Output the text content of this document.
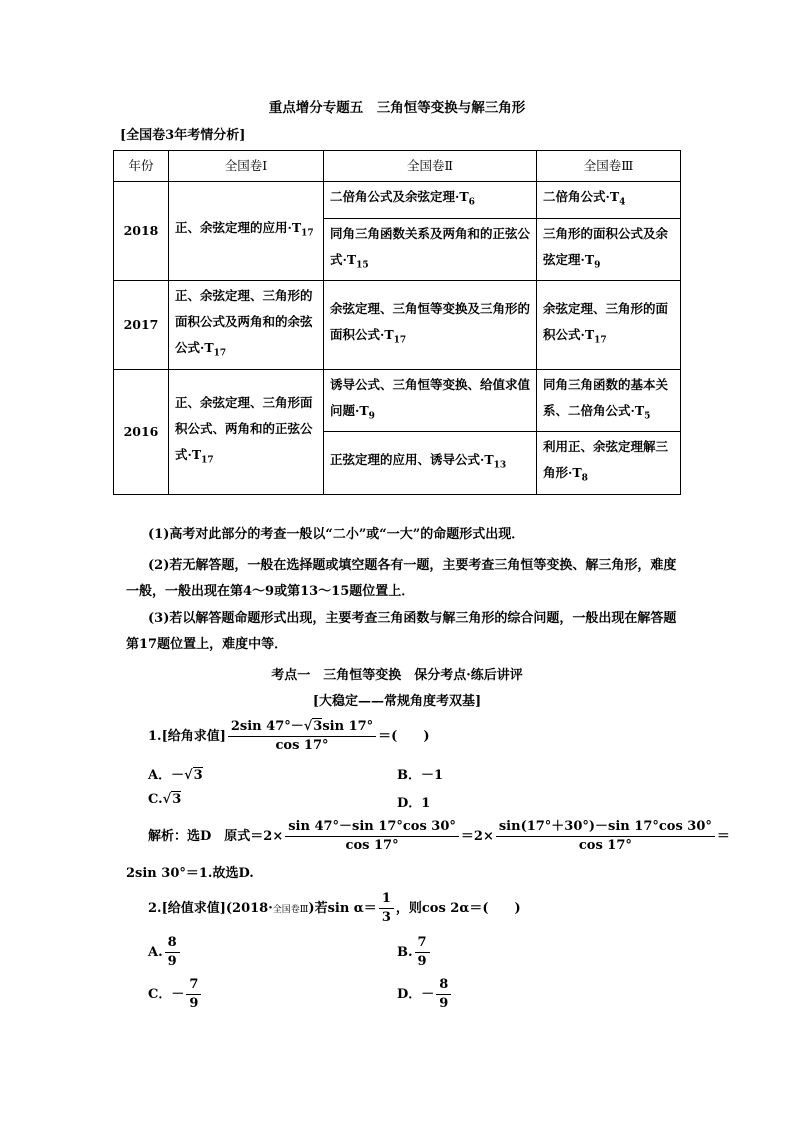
重点增分专题五　三角恒等变换与解三角形
[全国卷3年考情分析]
年份	全国卷Ⅰ	全国卷Ⅱ	全国卷Ⅲ
2018	正、余弦定理的应用$\cdot T_{17}$	二倍角公式及余弦定理$\cdot T_6$	二倍角公式$\cdot T_4$
		同角三角函数关系及两角和的正弦公式$\cdot T_{15}$	三角形的面积公式及余弦定理$\cdot T_9$
2017	正、余弦定理、三角形的面积公式及两角和的余弦公式$\cdot T_{17}$	余弦定理、三角恒等变换及三角形的面积公式$\cdot T_{17}$	余弦定理、三角形的面积公式$\cdot T_{17}$
2016	正、余弦定理、三角形面积公式、两角和的正弦公式$\cdot T_{17}$	诱导公式、三角恒等变换、给值求值问题$\cdot T_9$	同角三角函数的基本关系、二倍角公式$\cdot T_5$
		正弦定理的应用、诱导公式$\cdot T_{13}$	利用正、余弦定理解三角形$\cdot T_8$
(1)高考对此部分的考查一般以“二小”或“一大”的命题形式出现．
(2)若无解答题，一般在选择题或填空题各有一题，主要考查三角恒等变换、解三角形，难度一般，一般出现在第4～9或第13～15题位置上．
(3)若以解答题命题形式出现，主要考查三角函数与解三角形的综合问题，一般出现在解答题第17题位置上，难度中等．
考点一　三角恒等变换　保分考点·练后讲评
[大稳定——常规角度考双基]
1.[给角求值] $\frac{2\sin 47^\circ-√3\sin 17^\circ}{\cos 17^\circ}$ ＝(　　)
A．－√3	B．－1
C.√3	D．1
解析：选D　原式$=2\times \frac{\sin 47^\circ-\sin 17^\circ\cos 30^\circ}{\cos 17^\circ} =2\times \frac{\sin(17^\circ+30^\circ)-\sin 17^\circ\cos 30^\circ}{\cos 17^\circ}$ ＝
2sin 30°＝1.故选D.
2.[给值求值](2018·全国卷Ⅲ)若$\sin \alpha= \frac{1}{3}$ ，则cos 2α＝(　　)
A. $\frac{8}{9}$	B. $\frac{7}{9}$
C．－ $\frac{7}{9}$	D．－ $\frac{8}{9}$
